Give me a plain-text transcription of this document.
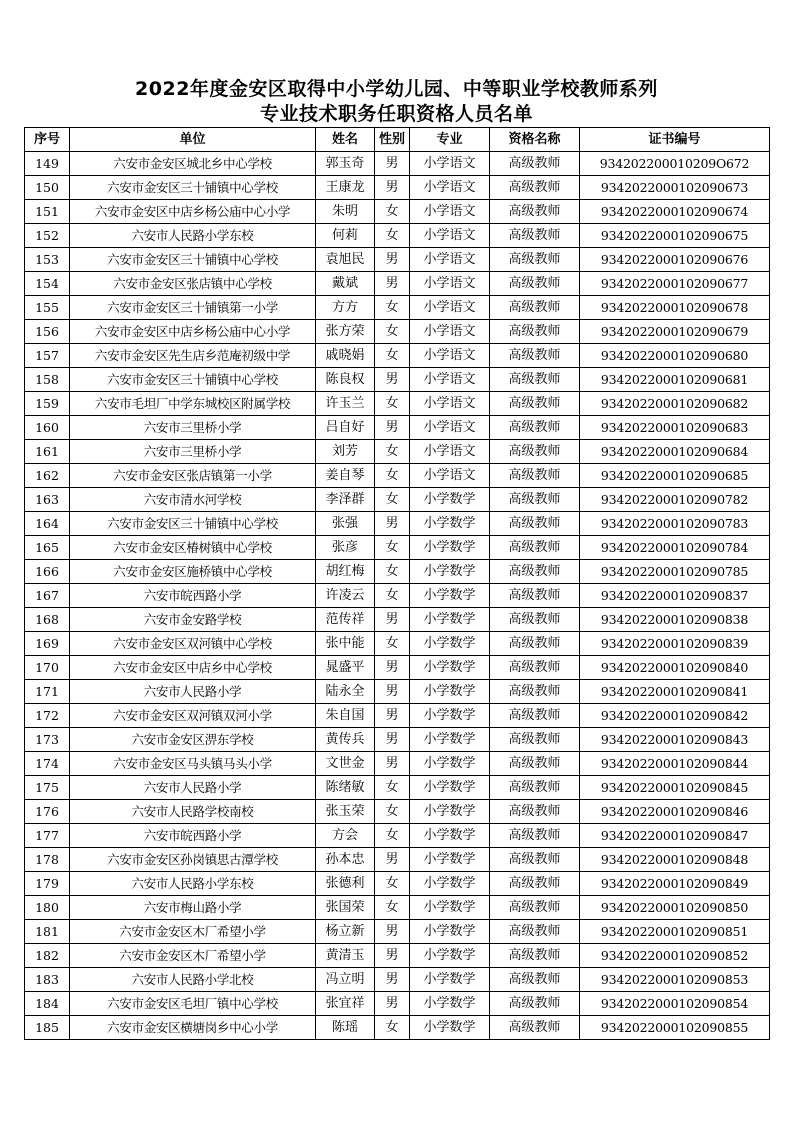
2022年度金安区取得中小学幼儿园、中等职业学校教师系列
专业技术职务任职资格人员名单
序号	单位	姓名	性别	专业	资格名称	证书编号
149	六安市金安区城北乡中心学校	郭玉奇	男	小学语文	高级教师	934202200010209O672
150	六安市金安区三十铺镇中心学校	王康龙	男	小学语文	高级教师	9342022000102090673
151	六安市金安区中店乡杨公庙中心小学	朱明	女	小学语文	高级教师	9342022000102090674
152	六安市人民路小学东校	何莉	女	小学语文	高级教师	9342022000102090675
153	六安市金安区三十铺镇中心学校	袁旭民	男	小学语文	高级教师	9342022000102090676
154	六安市金安区张店镇中心学校	戴斌	男	小学语文	高级教师	9342022000102090677
155	六安市金安区三十铺镇第一小学	方方	女	小学语文	高级教师	9342022000102090678
156	六安市金安区中店乡杨公庙中心小学	张方荣	女	小学语文	高级教师	9342022000102090679
157	六安市金安区先生店乡范庵初级中学	戚晓娟	女	小学语文	高级教师	9342022000102090680
158	六安市金安区三十铺镇中心学校	陈良权	男	小学语文	高级教师	9342022000102090681
159	六安市毛坦厂中学东城校区附属学校	许玉兰	女	小学语文	高级教师	9342022000102090682
160	六安市三里桥小学	吕自好	男	小学语文	高级教师	9342022000102090683
161	六安市三里桥小学	刘芳	女	小学语文	高级教师	9342022000102090684
162	六安市金安区张店镇第一小学	姜自琴	女	小学语文	高级教师	9342022000102090685
163	六安市清水河学校	李泽群	女	小学数学	高级教师	9342022000102090782
164	六安市金安区三十铺镇中心学校	张强	男	小学数学	高级教师	9342022000102090783
165	六安市金安区椿树镇中心学校	张彦	女	小学数学	高级教师	9342022000102090784
166	六安市金安区施桥镇中心学校	胡红梅	女	小学数学	高级教师	9342022000102090785
167	六安市皖西路小学	许凌云	女	小学数学	高级教师	9342022000102090837
168	六安市金安路学校	范传祥	男	小学数学	高级教师	9342022000102090838
169	六安市金安区双河镇中心学校	张中能	女	小学数学	高级教师	9342022000102090839
170	六安市金安区中店乡中心学校	晁盛平	男	小学数学	高级教师	9342022000102090840
171	六安市人民路小学	陆永全	男	小学数学	高级教师	9342022000102090841
172	六安市金安区双河镇双河小学	朱自国	男	小学数学	高级教师	9342022000102090842
173	六安市金安区淠东学校	黄传兵	男	小学数学	高级教师	9342022000102090843
174	六安市金安区马头镇马头小学	文世金	男	小学数学	高级教师	9342022000102090844
175	六安市人民路小学	陈绪敏	女	小学数学	高级教师	9342022000102090845
176	六安市人民路学校南校	张玉荣	女	小学数学	高级教师	9342022000102090846
177	六安市皖西路小学	方会	女	小学数学	高级教师	9342022000102090847
178	六安市金安区孙岗镇思古潭学校	孙本忠	男	小学数学	高级教师	9342022000102090848
179	六安市人民路小学东校	张德利	女	小学数学	高级教师	9342022000102090849
180	六安市梅山路小学	张国荣	女	小学数学	高级教师	9342022000102090850
181	六安市金安区木厂希望小学	杨立新	男	小学数学	高级教师	9342022000102090851
182	六安市金安区木厂希望小学	黄清玉	男	小学数学	高级教师	9342022000102090852
183	六安市人民路小学北校	冯立明	男	小学数学	高级教师	9342022000102090853
184	六安市金安区毛坦厂镇中心学校	张宜祥	男	小学数学	高级教师	9342022000102090854
185	六安市金安区横塘岗乡中心小学	陈瑶	女	小学数学	高级教师	9342022000102090855
